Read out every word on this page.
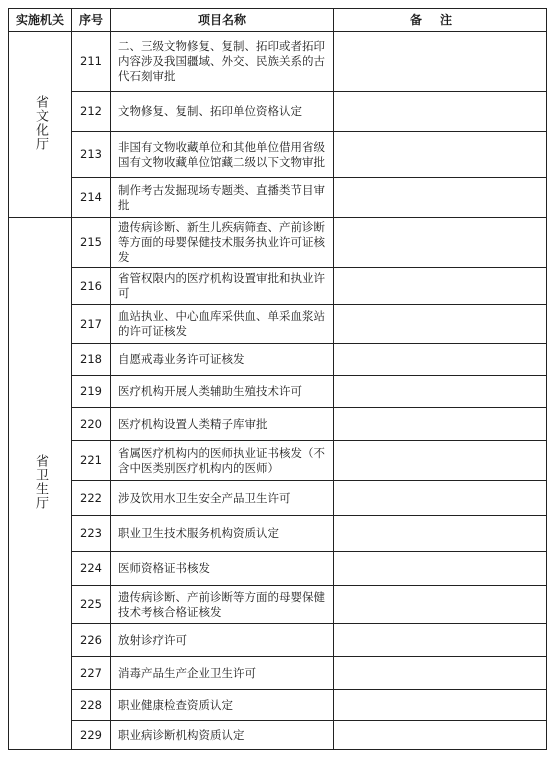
实施机关	序号	项目名称	备注
省文化厅	211	二、三级文物修复、复制、拓印或者拓印内容涉及我国疆域、外交、民族关系的古代石刻审批	
	212	文物修复、复制、拓印单位资格认定	
	213	非国有文物收藏单位和其他单位借用省级国有文物收藏单位馆藏二级以下文物审批	
	214	制作考古发掘现场专题类、直播类节目审批	
省卫生厅	215	遗传病诊断、新生儿疾病筛查、产前诊断等方面的母婴保健技术服务执业许可证核发	
	216	省管权限内的医疗机构设置审批和执业许可	
	217	血站执业、中心血库采供血、单采血浆站的许可证核发	
	218	自愿戒毒业务许可证核发	
	219	医疗机构开展人类辅助生殖技术许可	
	220	医疗机构设置人类精子库审批	
	221	省属医疗机构内的医师执业证书核发（不含中医类别医疗机构内的医师）	
	222	涉及饮用水卫生安全产品卫生许可	
	223	职业卫生技术服务机构资质认定	
	224	医师资格证书核发	
	225	遗传病诊断、产前诊断等方面的母婴保健技术考核合格证核发	
	226	放射诊疗许可	
	227	消毒产品生产企业卫生许可	
	228	职业健康检查资质认定	
	229	职业病诊断机构资质认定	
